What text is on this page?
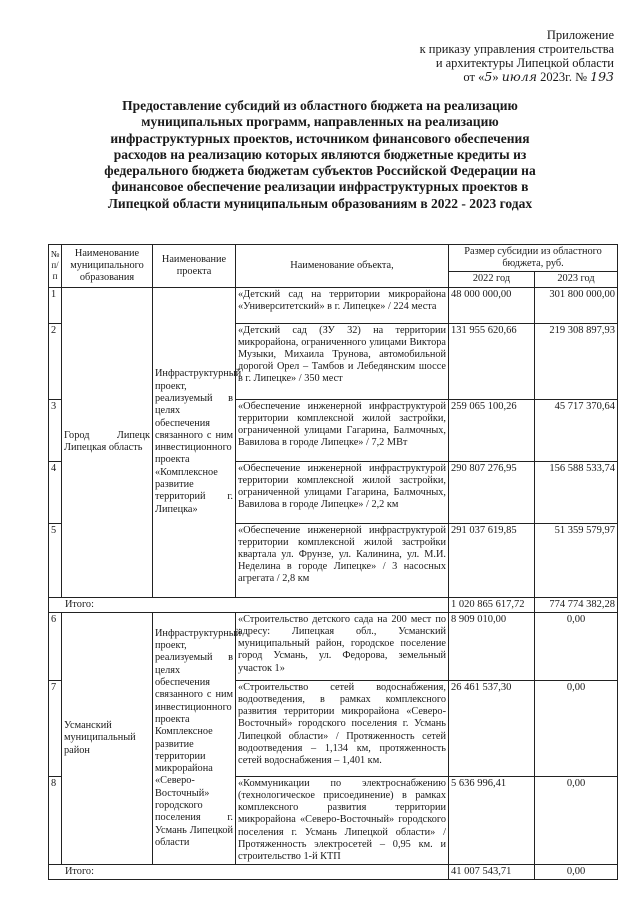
Приложение
к приказу управления строительства
и архитектуры Липецкой области
от «5» июля 2023г. № 193
Предоставление субсидий из областного бюджета на реализацию муниципальных программ, направленных на реализацию инфраструктурных проектов, источником финансового обеспечения расходов на реализацию которых являются бюджетные кредиты из федерального бюджета бюджетам субъектов Российской Федерации на финансовое обеспечение реализации инфраструктурных проектов в Липецкой области муниципальным образованиям в 2022 - 2023 годах
№ п/п	Наименование муниципального образования	Наименование проекта	Наименование объекта,	Размер субсидии из областного бюджета, руб.	
				2022 год	2023 год
1	Город Липецк Липецкая область	Инфраструктурный проект, реализуемый в целях обеспечения связанного с ним инвестиционного проекта «Комплексное развитие территорий г. Липецка»	«Детский сад на территории микрорайона «Университетский» в г. Липецке» / 224 места	48 000 000,00	301 800 000,00
2			«Детский сад (ЗУ 32) на территории микрорайона, ограниченного улицами Виктора Музыки, Михаила Трунова, автомобильной дорогой Орел – Тамбов и Лебедянским шоссе в г. Липецке» / 350 мест	131 955 620,66	219 308 897,93
3			«Обеспечение инженерной инфраструктурой территории комплексной жилой застройки, ограниченной улицами Гагарина, Балмочных, Вавилова в городе Липецке» / 7,2 МВт	259 065 100,26	45 717 370,64
4			«Обеспечение инженерной инфраструктурой территории комплексной жилой застройки, ограниченной улицами Гагарина, Балмочных, Вавилова в городе Липецке» / 2,2 км	290 807 276,95	156 588 533,74
5			«Обеспечение инженерной инфраструктурой территории комплексной жилой застройки квартала ул. Фрунзе, ул. Калинина, ул. М.И. Неделина в городе Липецке» / 3 насосных агрегата / 2,8 км	291 037 619,85	51 359 579,97
Итого:				1 020 865 617,72	774 774 382,28
6	Усманский муниципальный район	Инфраструктурный проект, реализуемый в целях обеспечения связанного с ним инвестиционного проекта Комплексное развитие территории микрорайона «Северо-Восточный» городского поселения г. Усмань Липецкой области	«Строительство детского сада на 200 мест по адресу: Липецкая обл., Усманский муниципальный район, городское поселение город Усмань, ул. Федорова, земельный участок 1»	8 909 010,00	0,00
7			«Строительство сетей водоснабжения, водоотведения, в рамках комплексного развития территории микрорайона «Северо-Восточный» городского поселения г. Усмань Липецкой области» / Протяженность сетей водоотведения – 1,134 км, протяженность сетей водоснабжения – 1,401 км.	26 461 537,30	0,00
8			«Коммуникации по электроснабжению (технологическое присоединение) в рамках комплексного развития территории микрорайона «Северо-Восточный» городского поселения г. Усмань Липецкой области» / Протяженность электросетей – 0,95 км. и строительство 1-й КТП	5 636 996,41	0,00
Итого:				41 007 543,71	0,00
